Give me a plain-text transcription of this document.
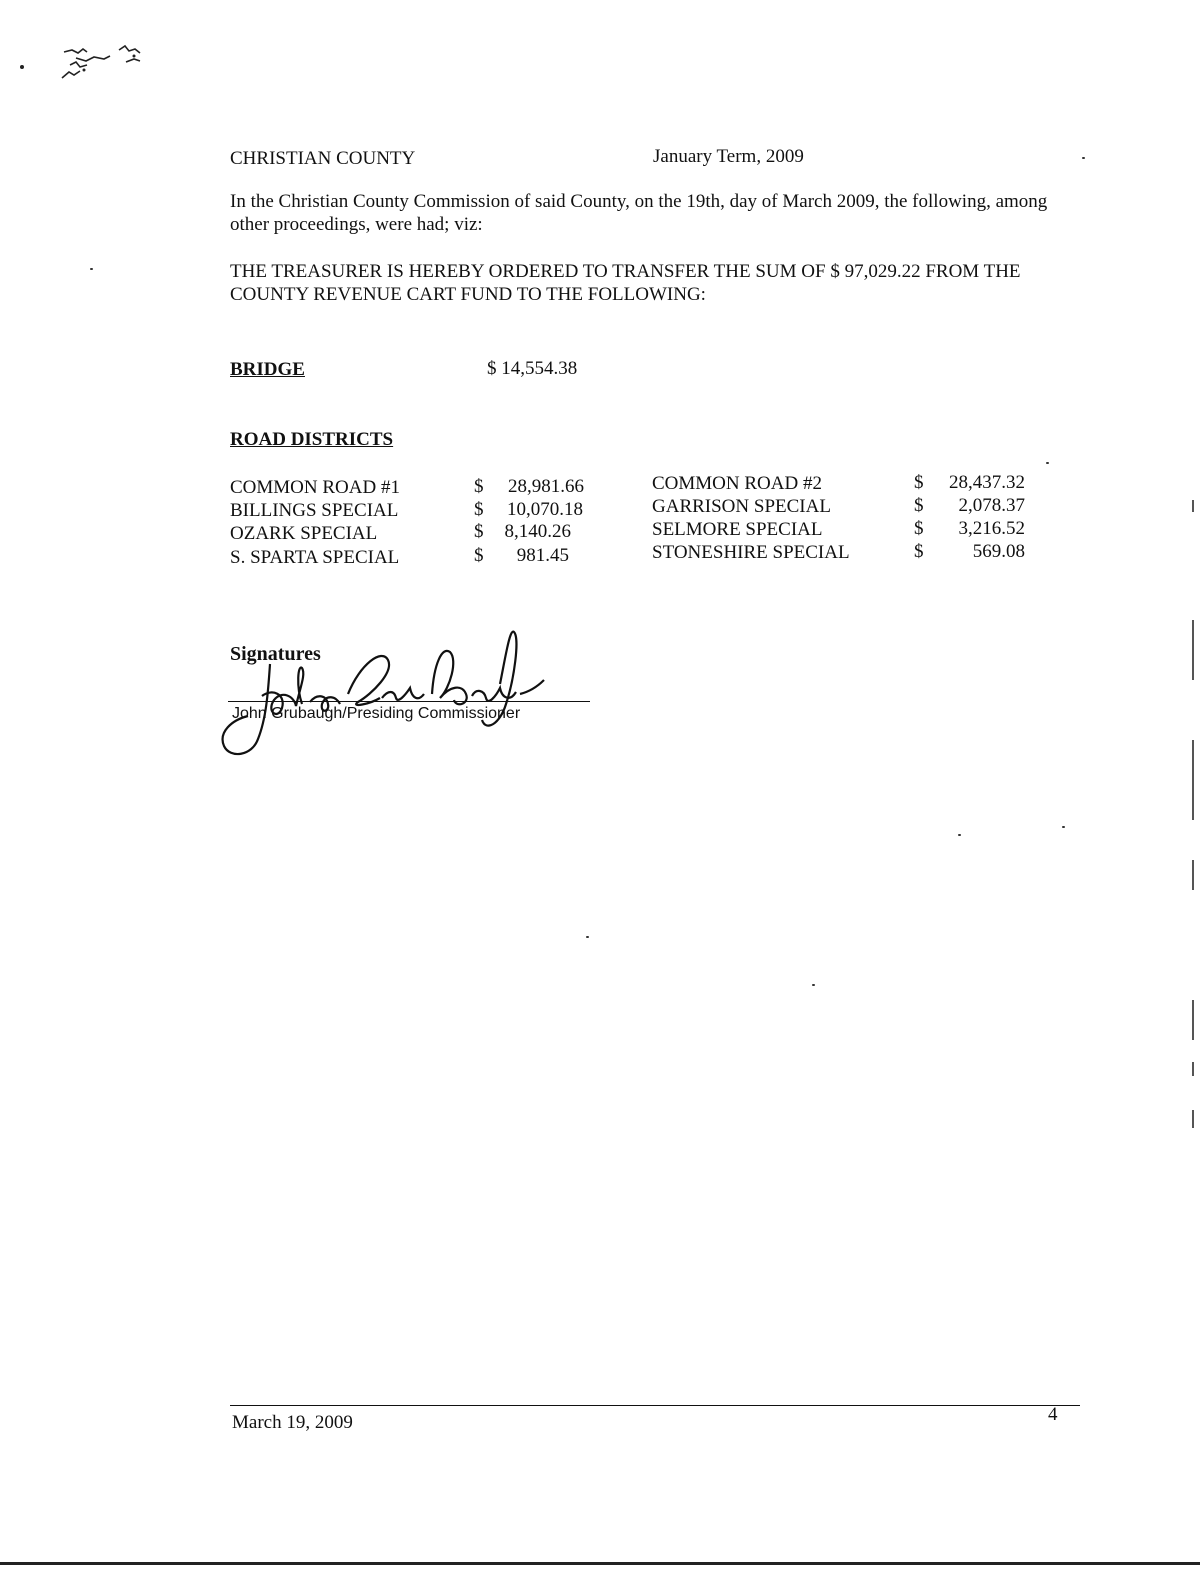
CHRISTIAN COUNTY	January Term, 2009
In the Christian County Commission of said County, on the 19th, day of March 2009, the following, among other proceedings, were had; viz:
THE TREASURER IS HEREBY ORDERED TO TRANSFER THE SUM OF $ 97,029.22 FROM THE COUNTY REVENUE CART FUND TO THE FOLLOWING:
BRIDGE	$ 14,554.38
ROAD DISTRICTS
COMMON ROAD #1	$	28,981.66
BILLINGS SPECIAL	$	10,070.18
OZARK SPECIAL	$	8,140.26
S. SPARTA SPECIAL	$	981.45
COMMON ROAD #2	$	28,437.32
GARRISON SPECIAL	$	2,078.37
SELMORE SPECIAL	$	3,216.52
STONESHIRE SPECIAL	$	569.08
Signatures
John Grubaugh/Presiding Commissioner
March 19, 2009	4
